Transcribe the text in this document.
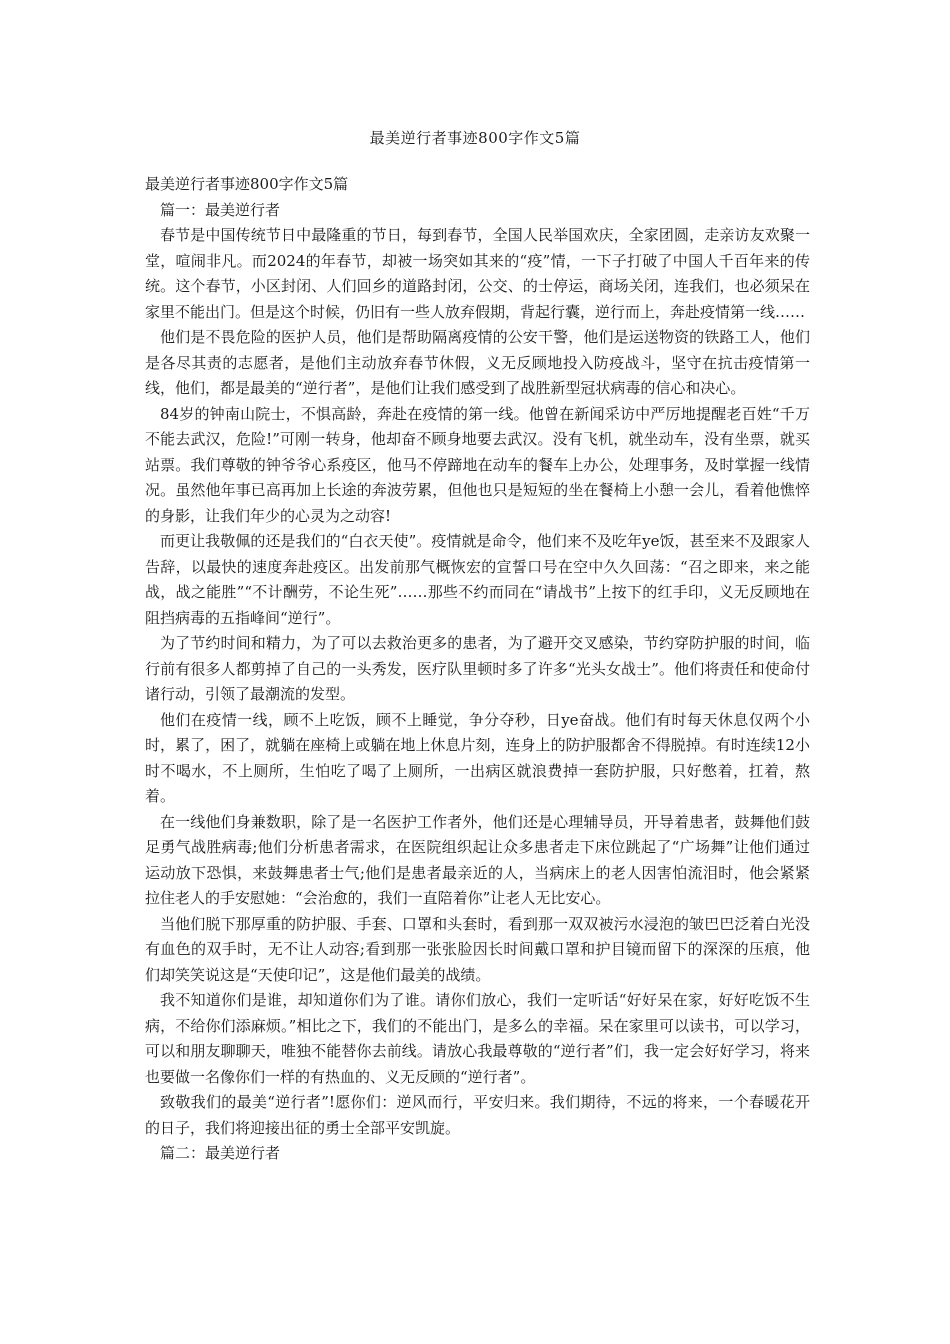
最美逆行者事迹800字作文5篇

最美逆行者事迹800字作文5篇

篇一：最美逆行者

春节是中国传统节日中最隆重的节日，每到春节，全国人民举国欢庆，全家团圆，走亲访友欢聚一堂，喧闹非凡。而2024的年春节，却被一场突如其来的“疫”情，一下子打破了中国人千百年来的传统。这个春节，小区封闭、人们回乡的道路封闭，公交、的士停运，商场关闭，连我们，也必须呆在家里不能出门。但是这个时候，仍旧有一些人放弃假期，背起行囊，逆行而上，奔赴疫情第一线……

他们是不畏危险的医护人员，他们是帮助隔离疫情的公安干警，他们是运送物资的铁路工人，他们是各尽其责的志愿者，是他们主动放弃春节休假，义无反顾地投入防疫战斗，坚守在抗击疫情第一线，他们，都是最美的“逆行者”，是他们让我们感受到了战胜新型冠状病毒的信心和决心。

84岁的钟南山院士，不惧高龄，奔赴在疫情的第一线。他曾在新闻采访中严厉地提醒老百姓“千万不能去武汉，危险!”可刚一转身，他却奋不顾身地要去武汉。没有飞机，就坐动车，没有坐票，就买站票。我们尊敬的钟爷爷心系疫区，他马不停蹄地在动车的餐车上办公，处理事务，及时掌握一线情况。虽然他年事已高再加上长途的奔波劳累，但他也只是短短的坐在餐椅上小憩一会儿，看着他憔悴的身影，让我们年少的心灵为之动容!

而更让我敬佩的还是我们的“白衣天使”。疫情就是命令，他们来不及吃年ye饭，甚至来不及跟家人告辞，以最快的速度奔赴疫区。出发前那气概恢宏的宣誓口号在空中久久回荡：“召之即来，来之能战，战之能胜”“不计酬劳，不论生死”……那些不约而同在“请战书”上按下的红手印，义无反顾地在阻挡病毒的五指峰间“逆行”。

为了节约时间和精力，为了可以去救治更多的患者，为了避开交叉感染，节约穿防护服的时间，临行前有很多人都剪掉了自己的一头秀发，医疗队里顿时多了许多“光头女战士”。他们将责任和使命付诸行动，引领了最潮流的发型。

他们在疫情一线，顾不上吃饭，顾不上睡觉，争分夺秒，日ye奋战。他们有时每天休息仅两个小时，累了，困了，就躺在座椅上或躺在地上休息片刻，连身上的防护服都舍不得脱掉。有时连续12小时不喝水，不上厕所，生怕吃了喝了上厕所，一出病区就浪费掉一套防护服，只好憋着，扛着，熬着。

在一线他们身兼数职，除了是一名医护工作者外，他们还是心理辅导员，开导着患者，鼓舞他们鼓足勇气战胜病毒;他们分析患者需求，在医院组织起让众多患者走下床位跳起了“广场舞”让他们通过运动放下恐惧，来鼓舞患者士气;他们是患者最亲近的人，当病床上的老人因害怕流泪时，他会紧紧拉住老人的手安慰她：“会治愈的，我们一直陪着你”让老人无比安心。

当他们脱下那厚重的防护服、手套、口罩和头套时，看到那一双双被污水浸泡的皱巴巴泛着白光没有血色的双手时，无不让人动容;看到那一张张脸因长时间戴口罩和护目镜而留下的深深的压痕，他们却笑笑说这是“天使印记”，这是他们最美的战绩。

我不知道你们是谁，却知道你们为了谁。请你们放心，我们一定听话“好好呆在家，好好吃饭不生病，不给你们添麻烦。”相比之下，我们的不能出门，是多么的幸福。呆在家里可以读书，可以学习，可以和朋友聊聊天，唯独不能替你去前线。请放心我最尊敬的“逆行者”们，我一定会好好学习，将来也要做一名像你们一样的有热血的、义无反顾的“逆行者”。

致敬我们的最美“逆行者”!愿你们：逆风而行，平安归来。我们期待，不远的将来，一个春暖花开的日子，我们将迎接出征的勇士全部平安凯旋。

篇二：最美逆行者
